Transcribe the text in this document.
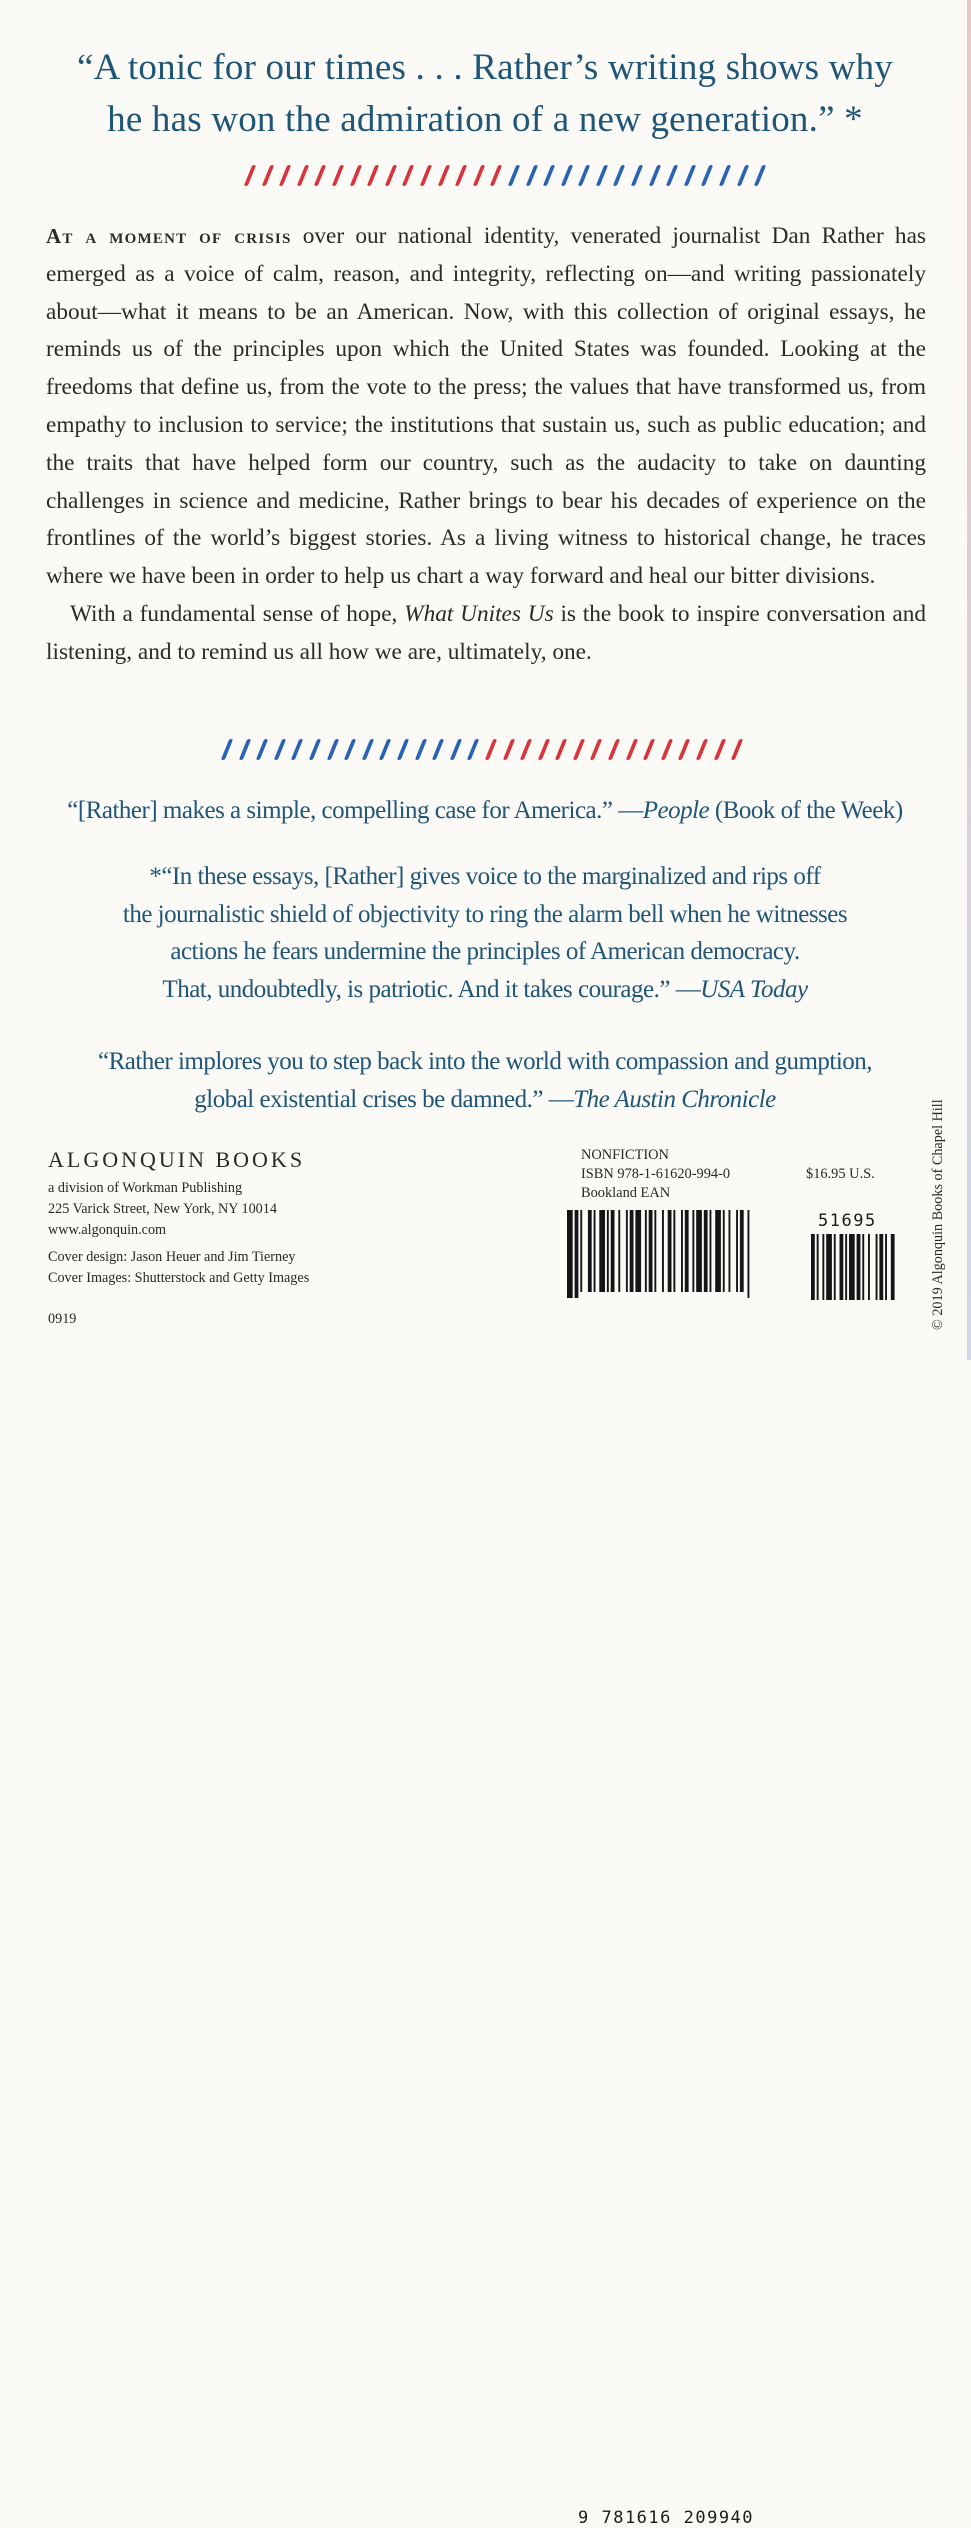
“A tonic for our times . . . Rather’s writing shows why
he has won the admiration of a new generation.” *

At a moment of crisis over our national identity, venerated journalist Dan Rather has emerged as a voice of calm, reason, and integrity, reflecting on—and writing passionately about—what it means to be an American. Now, with this collection of original essays, he reminds us of the principles upon which the United States was founded. Looking at the freedoms that define us, from the vote to the press; the values that have transformed us, from empathy to inclusion to service; the institutions that sustain us, such as public education; and the traits that have helped form our country, such as the audacity to take on daunting challenges in science and medicine, Rather brings to bear his decades of experience on the frontlines of the world’s biggest stories. As a living witness to historical change, he traces where we have been in order to help us chart a way forward and heal our bitter divisions.

With a fundamental sense of hope, What Unites Us is the book to inspire conversation and listening, and to remind us all how we are, ultimately, one.

“[Rather] makes a simple, compelling case for America.” —People (Book of the Week)
*“In these essays, [Rather] gives voice to the marginalized and rips off
the journalistic shield of objectivity to ring the alarm bell when he witnesses
actions he fears undermine the principles of American democracy.
That, undoubtedly, is patriotic. And it takes courage.” —USA Today
“Rather implores you to step back into the world with compassion and gumption,
global existential crises be damned.” —The Austin Chronicle
ALGONQUIN BOOKS
a division of Workman Publishing
225 Varick Street, New York, NY 10014
www.algonquin.com
Cover design: Jason Heuer and Jim Tierney
Cover Images: Shutterstock and Getty Images
0919
NONFICTION
ISBN 978-1-61620-994-0
Bookland EAN
$16.95 U.S.
9 781616 209940
51695	© 2019 Algonquin Books of Chapel Hill
